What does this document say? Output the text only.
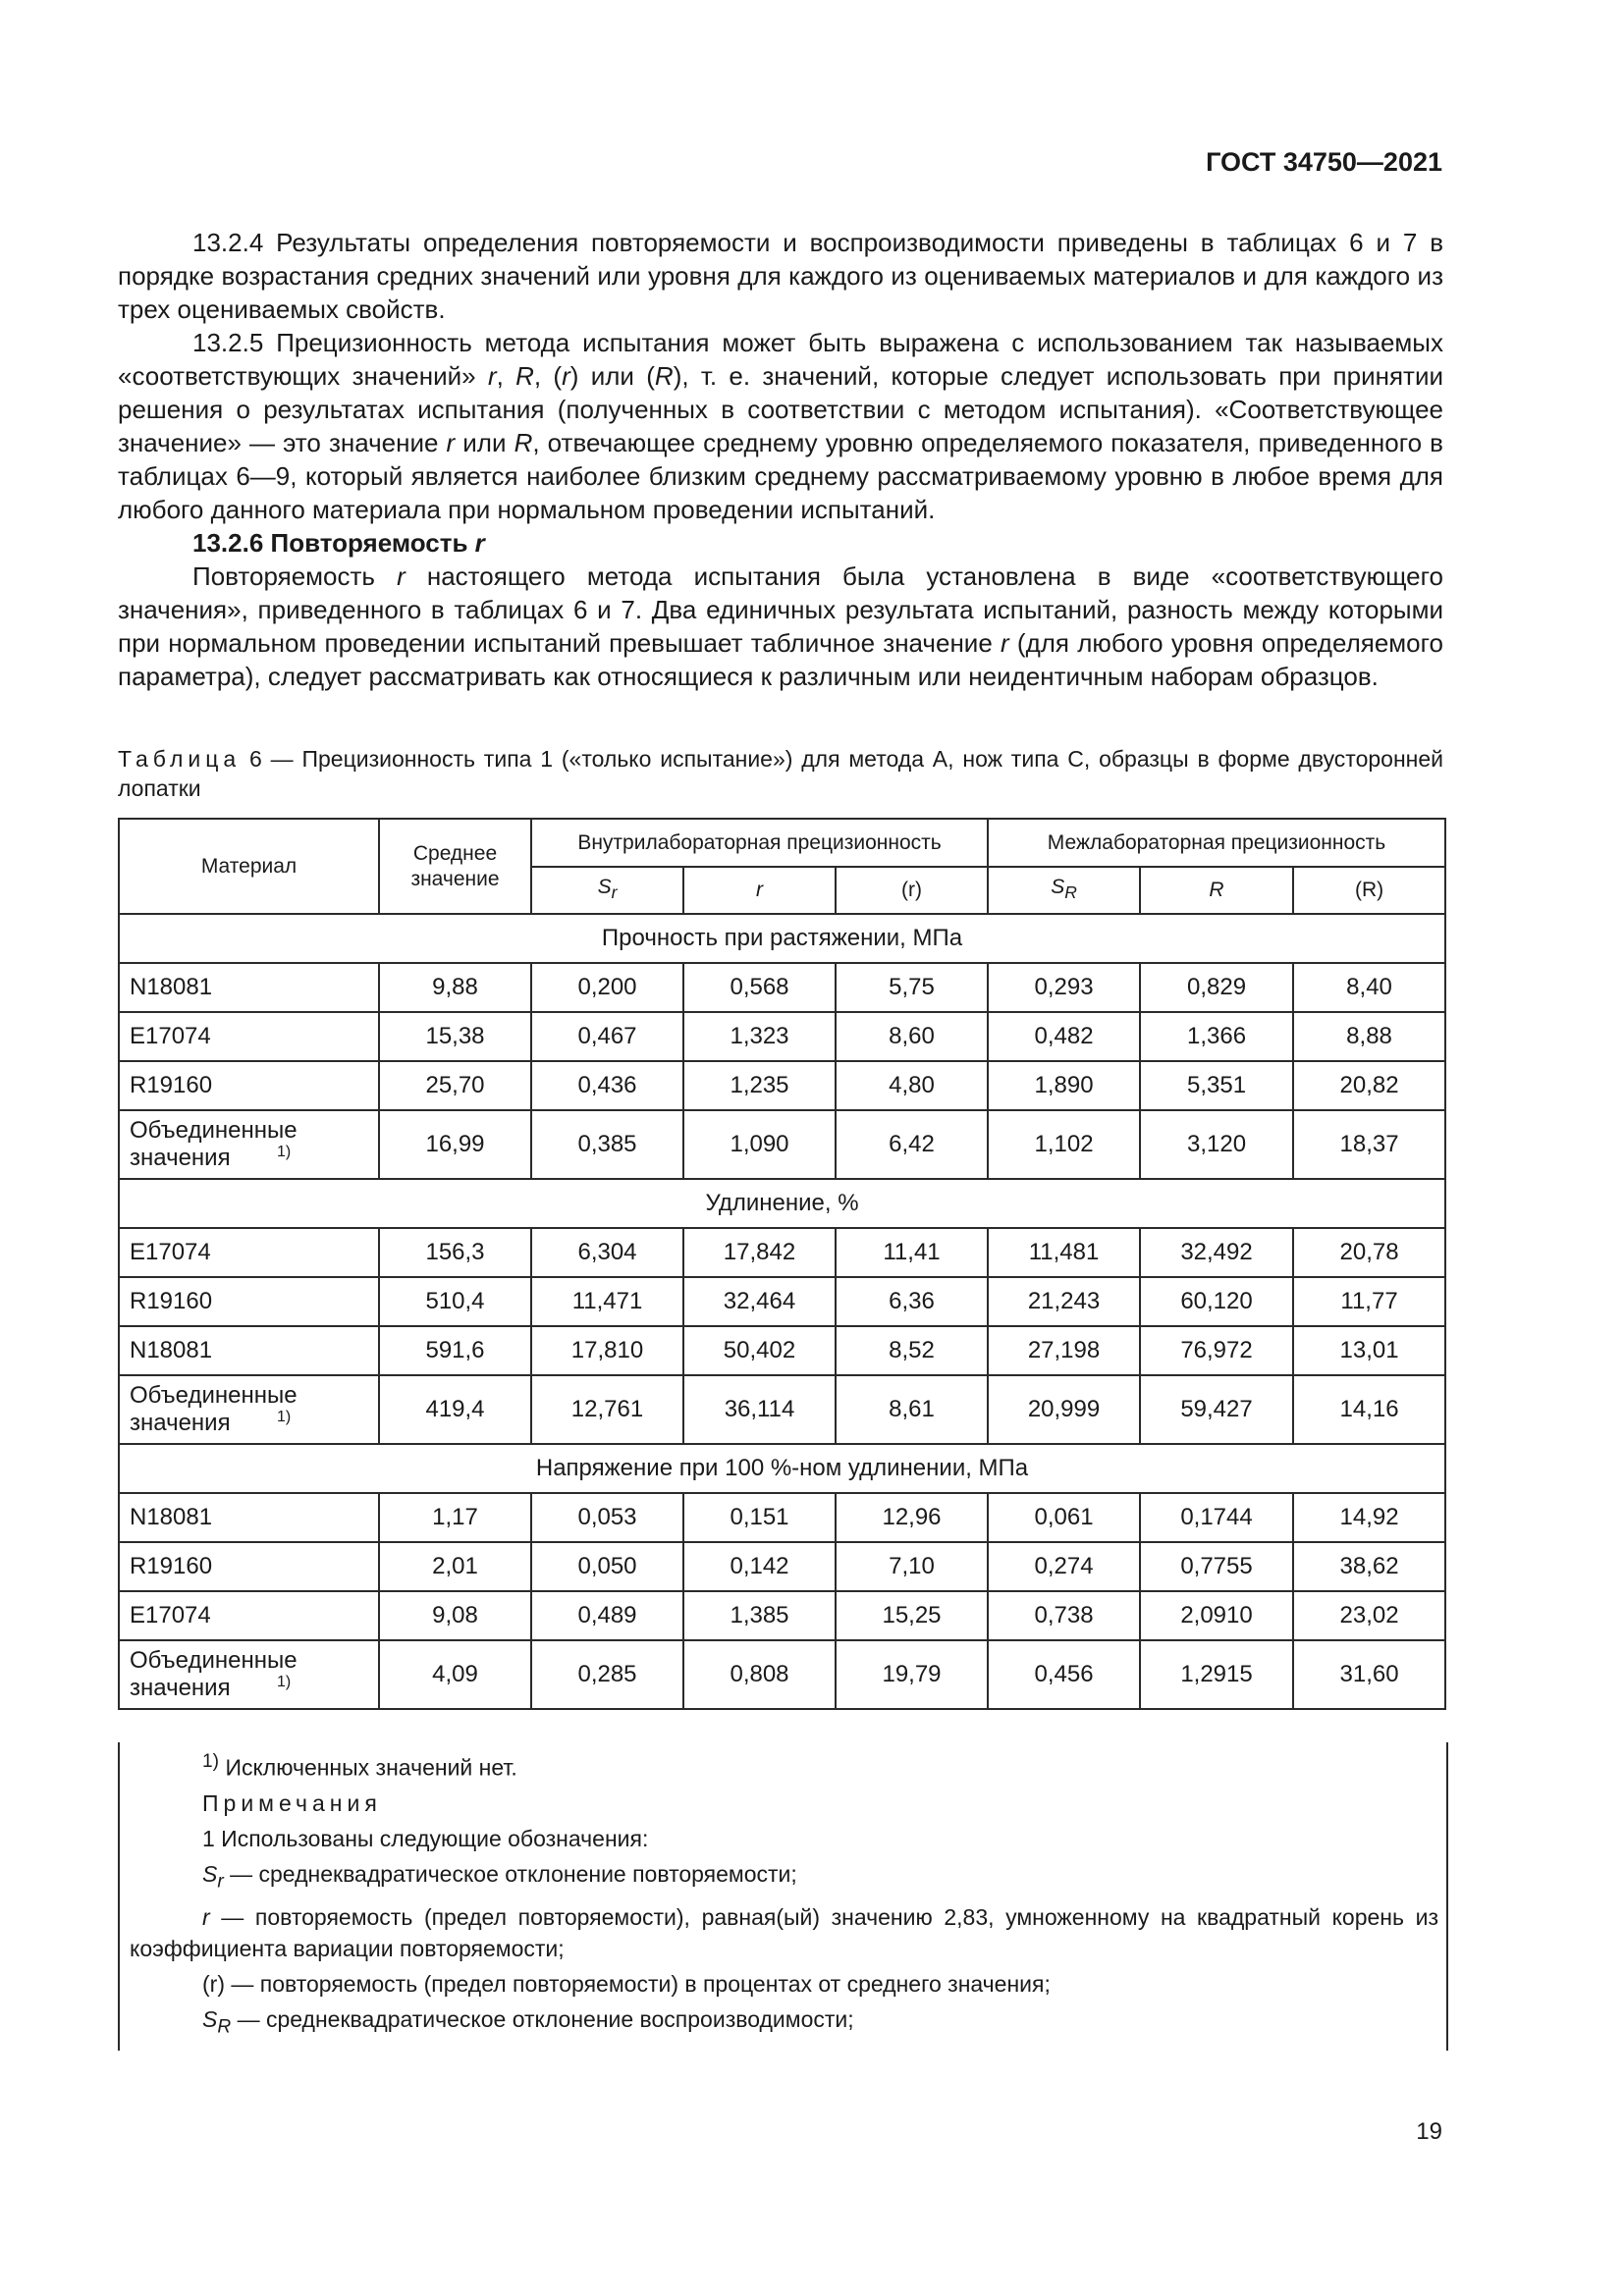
ГОСТ 34750—2021

13.2.4 Результаты определения повторяемости и воспроизводимости приведены в таблицах 6 и 7 в порядке возрастания средних значений или уровня для каждого из оцениваемых материалов и для каждого из трех оцениваемых свойств.

13.2.5 Прецизионность метода испытания может быть выражена с использованием так называемых «соответствующих значений» r, R, (r) или (R), т. е. значений, которые следует использовать при принятии решения о результатах испытания (полученных в соответствии с методом испытания). «Соответствующее значение» — это значение r или R, отвечающее среднему уровню определяемого показателя, приведенного в таблицах 6—9, который является наиболее близким среднему рассматриваемому уровню в любое время для любого данного материала при нормальном проведении испытаний.

13.2.6 Повторяемость r

Повторяемость r настоящего метода испытания была установлена в виде «соответствующего значения», приведенного в таблицах 6 и 7. Два единичных результата испытаний, разность между которыми при нормальном проведении испытаний превышает табличное значение r (для любого уровня определяемого параметра), следует рассматривать как относящиеся к различным или неидентичным наборам образцов.

Таблица 6 — Прецизионность типа 1 («только испытание») для метода А, нож типа С, образцы в форме двусторонней лопатки
Материал	Среднее значение	Внутрилабораторная прецизионность			Межлабораторная прецизионность		
		$S_r$	r	(r)	$S_R$	R	(R)
Прочность при растяжении, МПа							
N18081	9,88	0,200	0,568	5,75	0,293	0,829	8,40
E17074	15,38	0,467	1,323	8,60	0,482	1,366	8,88
R19160	25,70	0,436	1,235	4,80	1,890	5,351	20,82
Объединенные значения $^{1)}$	16,99	0,385	1,090	6,42	1,102	3,120	18,37
Удлинение, %							
E17074	156,3	6,304	17,842	11,41	11,481	32,492	20,78
R19160	510,4	11,471	32,464	6,36	21,243	60,120	11,77
N18081	591,6	17,810	50,402	8,52	27,198	76,972	13,01
Объединенные значения $^{1)}$	419,4	12,761	36,114	8,61	20,999	59,427	14,16
Напряжение при 100 %-ном удлинении, МПа							
N18081	1,17	0,053	0,151	12,96	0,061	0,1744	14,92
R19160	2,01	0,050	0,142	7,10	0,274	0,7755	38,62
E17074	9,08	0,489	1,385	15,25	0,738	2,0910	23,02
Объединенные значения $^{1)}$	4,09	0,285	0,808	19,79	0,456	1,2915	31,60

$^{1)}$ Исключенных значений нет.

Примечания

1 Использованы следующие обозначения:

$S_r$ — среднеквадратическое отклонение повторяемости;

r — повторяемость (предел повторяемости), равная(ый) значению 2,83, умноженному на квадратный корень из коэффициента вариации повторяемости;

(r) — повторяемость (предел повторяемости) в процентах от среднего значения;

$S_R$ — среднеквадратическое отклонение воспроизводимости;

19
